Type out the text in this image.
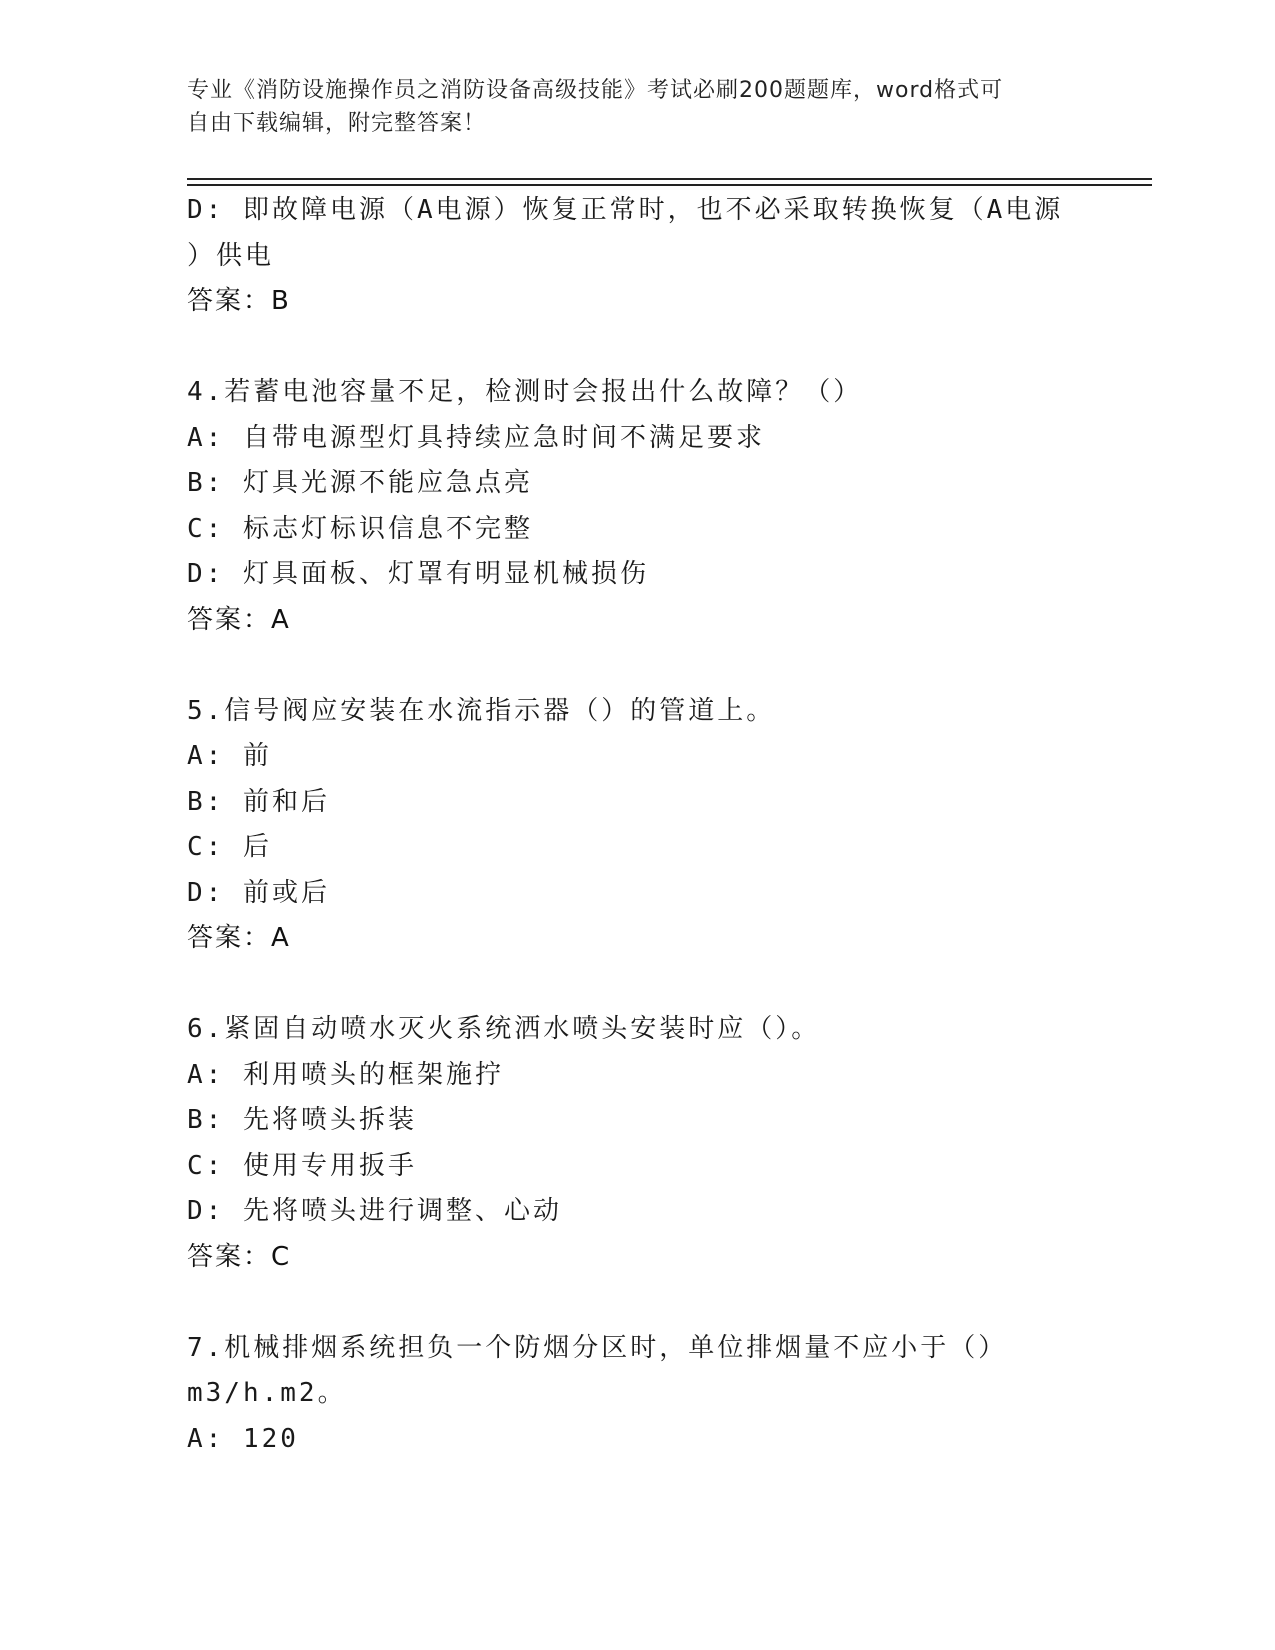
专业《消防设施操作员之消防设备高级技能》考试必刷200题题库，word格式可
自由下载编辑，附完整答案！
D: 即故障电源（A电源）恢复正常时，也不必采取转换恢复（A电源
）供电
答案：B
4.若蓄电池容量不足，检测时会报出什么故障？（）
A: 自带电源型灯具持续应急时间不满足要求
B: 灯具光源不能应急点亮
C: 标志灯标识信息不完整
D: 灯具面板、灯罩有明显机械损伤
答案：A
5.信号阀应安装在水流指示器（）的管道上。
A: 前
B: 前和后
C: 后
D: 前或后
答案：A
6.紧固自动喷水灭火系统洒水喷头安装时应（）。
A: 利用喷头的框架施拧
B: 先将喷头拆装
C: 使用专用扳手
D: 先将喷头进行调整、心动
答案：C
7.机械排烟系统担负一个防烟分区时，单位排烟量不应小于（）
m3/h.m2。
A: 120
